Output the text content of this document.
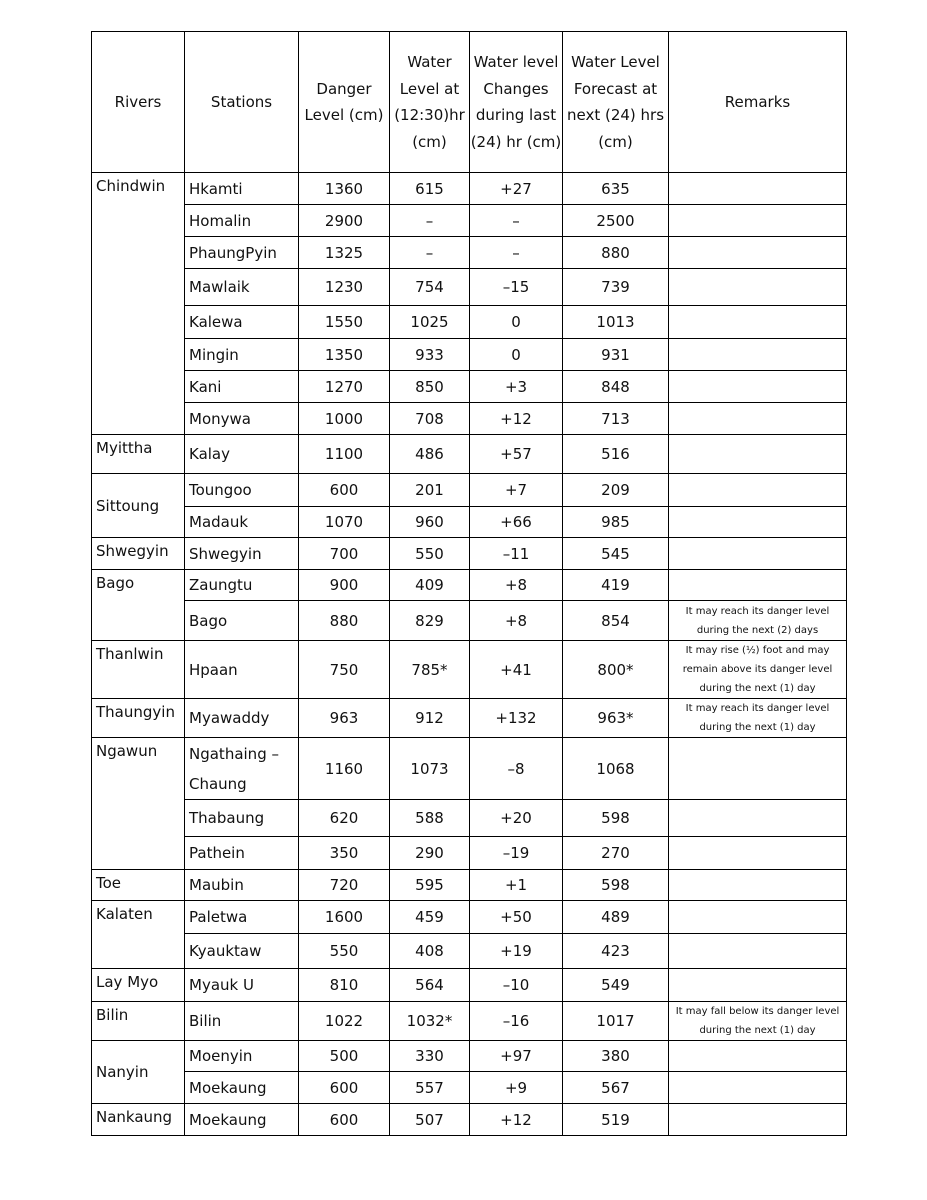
Rivers	Stations	Danger Level (cm)	Water Level at (12:30)hr (cm)	Water level Changes during last (24) hr (cm)	Water Level Forecast at next (24) hrs (cm)	Remarks
Chindwin	Hkamti	1360	615	+27	635	
	Homalin	2900	–	–	2500	
	PhaungPyin	1325	–	–	880	
	Mawlaik	1230	754	–15	739	
	Kalewa	1550	1025	0	1013	
	Mingin	1350	933	0	931	
	Kani	1270	850	+3	848	
	Monywa	1000	708	+12	713	
Myittha	Kalay	1100	486	+57	516	
Sittoung	Toungoo	600	201	+7	209	
	Madauk	1070	960	+66	985	
Shwegyin	Shwegyin	700	550	–11	545	
Bago	Zaungtu	900	409	+8	419	
	Bago	880	829	+8	854	It may reach its danger level during the next (2) days
Thanlwin	Hpaan	750	785*	+41	800*	It may rise (½) foot and may remain above its danger level during the next (1) day
Thaungyin	Myawaddy	963	912	+132	963*	It may reach its danger level during the next (1) day
Ngawun	Ngathaing – Chaung	1160	1073	–8	1068	
	Thabaung	620	588	+20	598	
	Pathein	350	290	–19	270	
Toe	Maubin	720	595	+1	598	
Kalaten	Paletwa	1600	459	+50	489	
	Kyauktaw	550	408	+19	423	
Lay Myo	Myauk U	810	564	–10	549	
Bilin	Bilin	1022	1032*	–16	1017	It may fall below its danger level during the next (1) day
Nanyin	Moenyin	500	330	+97	380	
	Moekaung	600	557	+9	567	
Nankaung	Moekaung	600	507	+12	519	
